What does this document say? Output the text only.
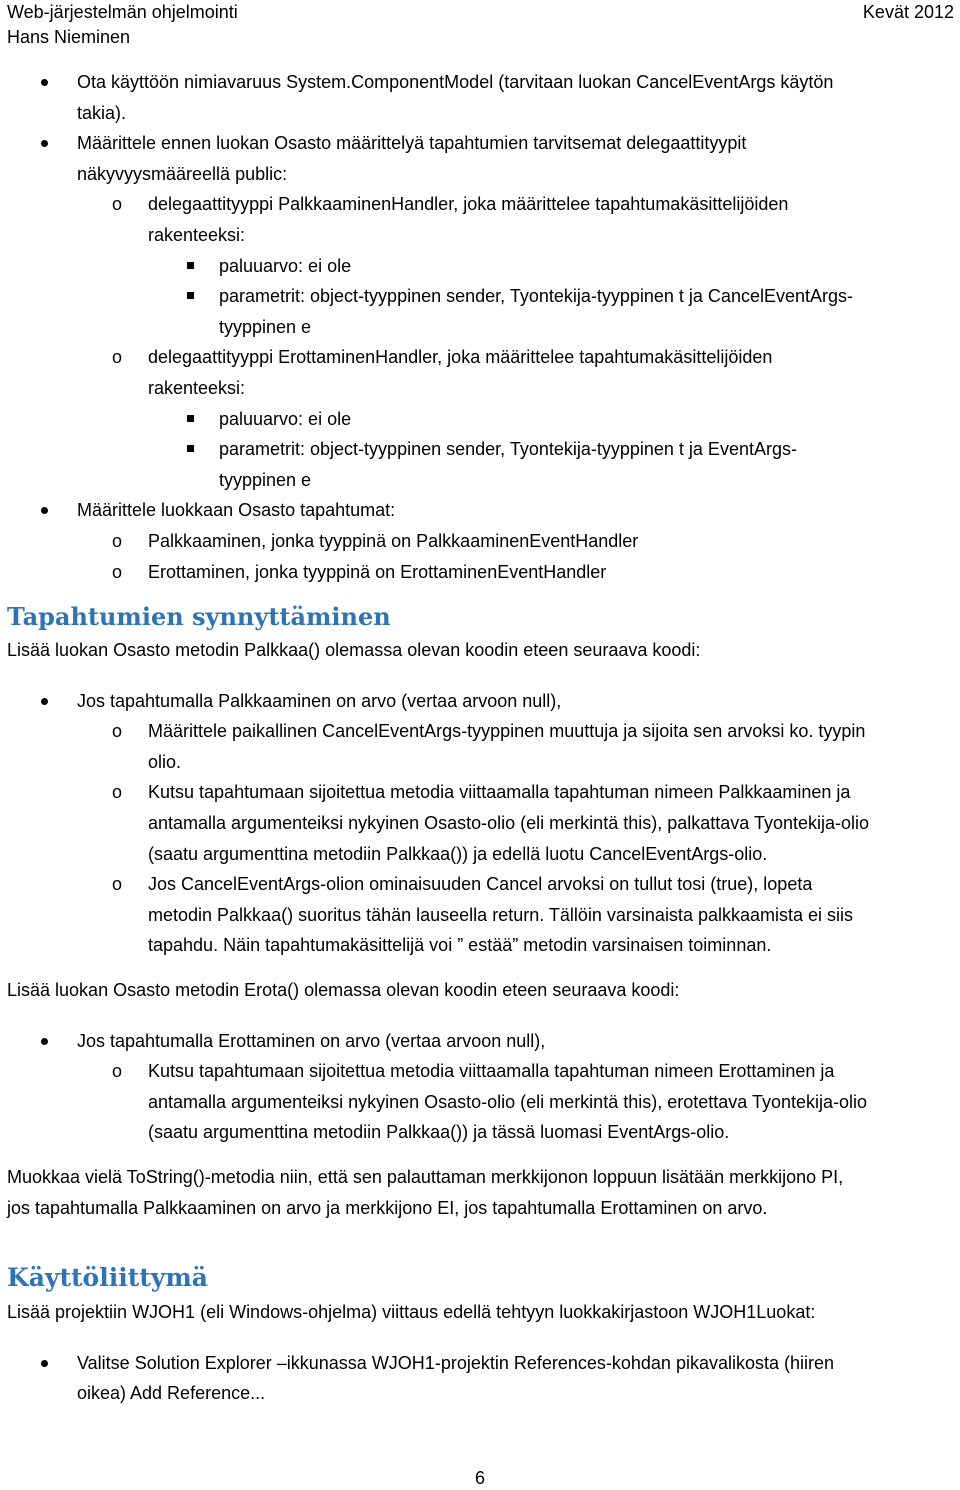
Web-järjestelmän ohjelmointi	Kevät 2012
Hans Nieminen
Ota käyttöön nimiavaruus System.ComponentModel (tarvitaan luokan CancelEventArgs käytön
takia).
Määrittele ennen luokan Osasto määrittelyä tapahtumien tarvitsemat delegaattityypit
näkyvyysmääreellä public:
o delegaattityyppi PalkkaaminenHandler, joka määrittelee tapahtumakäsittelijöiden
rakenteeksi:
paluuarvo: ei ole
parametrit: object-tyyppinen sender, Tyontekija-tyyppinen t ja CancelEventArgs-
tyyppinen e
o delegaattityyppi ErottaminenHandler, joka määrittelee tapahtumakäsittelijöiden
rakenteeksi:
paluuarvo: ei ole
parametrit: object-tyyppinen sender, Tyontekija-tyyppinen t ja EventArgs-
tyyppinen e
Määrittele luokkaan Osasto tapahtumat:
o Palkkaaminen, jonka tyyppinä on PalkkaaminenEventHandler
o Erottaminen, jonka tyyppinä on ErottaminenEventHandler
Tapahtumien synnyttäminen
Lisää luokan Osasto metodin Palkkaa() olemassa olevan koodin eteen seuraava koodi:
Jos tapahtumalla Palkkaaminen on arvo (vertaa arvoon null),
o Määrittele paikallinen CancelEventArgs-tyyppinen muuttuja ja sijoita sen arvoksi ko. tyypin
olio.
o Kutsu tapahtumaan sijoitettua metodia viittaamalla tapahtuman nimeen Palkkaaminen ja
antamalla argumenteiksi nykyinen Osasto-olio (eli merkintä this), palkattava Tyontekija-olio
(saatu argumenttina metodiin Palkkaa()) ja edellä luotu CancelEventArgs-olio.
o Jos CancelEventArgs-olion ominaisuuden Cancel arvoksi on tullut tosi (true), lopeta
metodin Palkkaa() suoritus tähän lauseella return. Tällöin varsinaista palkkaamista ei siis
tapahdu. Näin tapahtumakäsittelijä voi ” estää” metodin varsinaisen toiminnan.
Lisää luokan Osasto metodin Erota() olemassa olevan koodin eteen seuraava koodi:
Jos tapahtumalla Erottaminen on arvo (vertaa arvoon null),
o Kutsu tapahtumaan sijoitettua metodia viittaamalla tapahtuman nimeen Erottaminen ja
antamalla argumenteiksi nykyinen Osasto-olio (eli merkintä this), erotettava Tyontekija-olio
(saatu argumenttina metodiin Palkkaa()) ja tässä luomasi EventArgs-olio.
Muokkaa vielä ToString()-metodia niin, että sen palauttaman merkkijonon loppuun lisätään merkkijono PI,
jos tapahtumalla Palkkaaminen on arvo ja merkkijono EI, jos tapahtumalla Erottaminen on arvo.
Käyttöliittymä
Lisää projektiin WJOH1 (eli Windows-ohjelma) viittaus edellä tehtyyn luokkakirjastoon WJOH1Luokat:
Valitse Solution Explorer –ikkunassa WJOH1-projektin References-kohdan pikavalikosta (hiiren
oikea) Add Reference...
6
